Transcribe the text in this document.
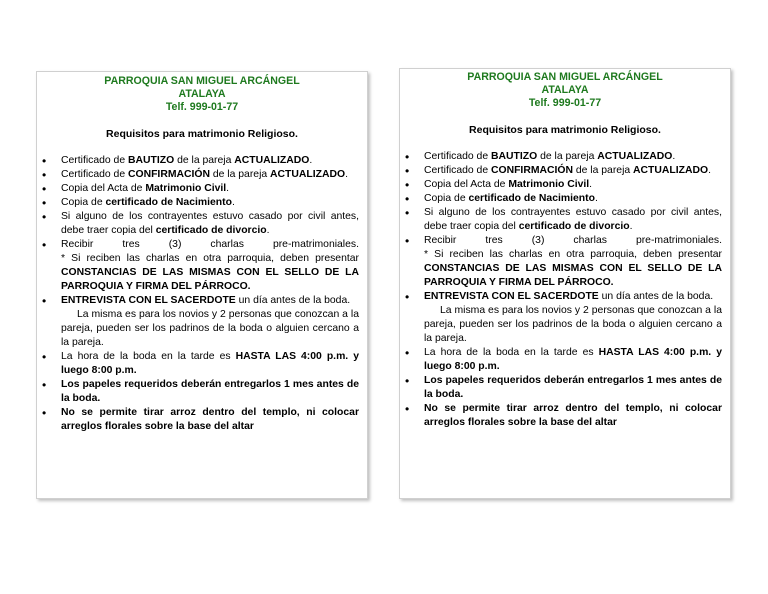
PARROQUIA SAN MIGUEL ARCÁNGEL
ATALAYA
Telf. 999-01-77
Requisitos para matrimonio Religioso.
• Certificado de BAUTIZO de la pareja ACTUALIZADO.
• Certificado de CONFIRMACIÓN de la pareja ACTUALIZADO.
• Copia del Acta de Matrimonio Civil.
• Copia de certificado de Nacimiento.
• Si alguno de los contrayentes estuvo casado por civil antes, debe traer copia del certificado de divorcio.
• Recibir	tres	(3)	charlas	pre-matrimoniales.
* Si reciben las charlas en otra parroquia, deben presentar CONSTANCIAS DE LAS MISMAS CON EL SELLO DE LA PARROQUIA Y FIRMA DEL PÁRROCO.
• ENTREVISTA CON EL SACERDOTE un día antes de la boda.
La misma es para los novios y 2 personas que conozcan a la pareja, pueden ser los padrinos de la boda o alguien cercano a la pareja.
• La hora de la boda en la tarde es HASTA LAS 4:00 p.m. y luego 8:00 p.m.
• Los papeles requeridos deberán entregarlos 1 mes antes de la boda.
• No se permite tirar arroz dentro del templo, ni colocar arreglos florales sobre la base del altar
PARROQUIA SAN MIGUEL ARCÁNGEL
ATALAYA
Telf. 999-01-77
Requisitos para matrimonio Religioso.
• Certificado de BAUTIZO de la pareja ACTUALIZADO.
• Certificado de CONFIRMACIÓN de la pareja ACTUALIZADO.
• Copia del Acta de Matrimonio Civil.
• Copia de certificado de Nacimiento.
• Si alguno de los contrayentes estuvo casado por civil antes, debe traer copia del certificado de divorcio.
• Recibir	tres	(3)	charlas	pre-matrimoniales.
* Si reciben las charlas en otra parroquia, deben presentar CONSTANCIAS DE LAS MISMAS CON EL SELLO DE LA PARROQUIA Y FIRMA DEL PÁRROCO.
• ENTREVISTA CON EL SACERDOTE un día antes de la boda.
La misma es para los novios y 2 personas que conozcan a la pareja, pueden ser los padrinos de la boda o alguien cercano a la pareja.
• La hora de la boda en la tarde es HASTA LAS 4:00 p.m. y luego 8:00 p.m.
• Los papeles requeridos deberán entregarlos 1 mes antes de la boda.
• No se permite tirar arroz dentro del templo, ni colocar arreglos florales sobre la base del altar
